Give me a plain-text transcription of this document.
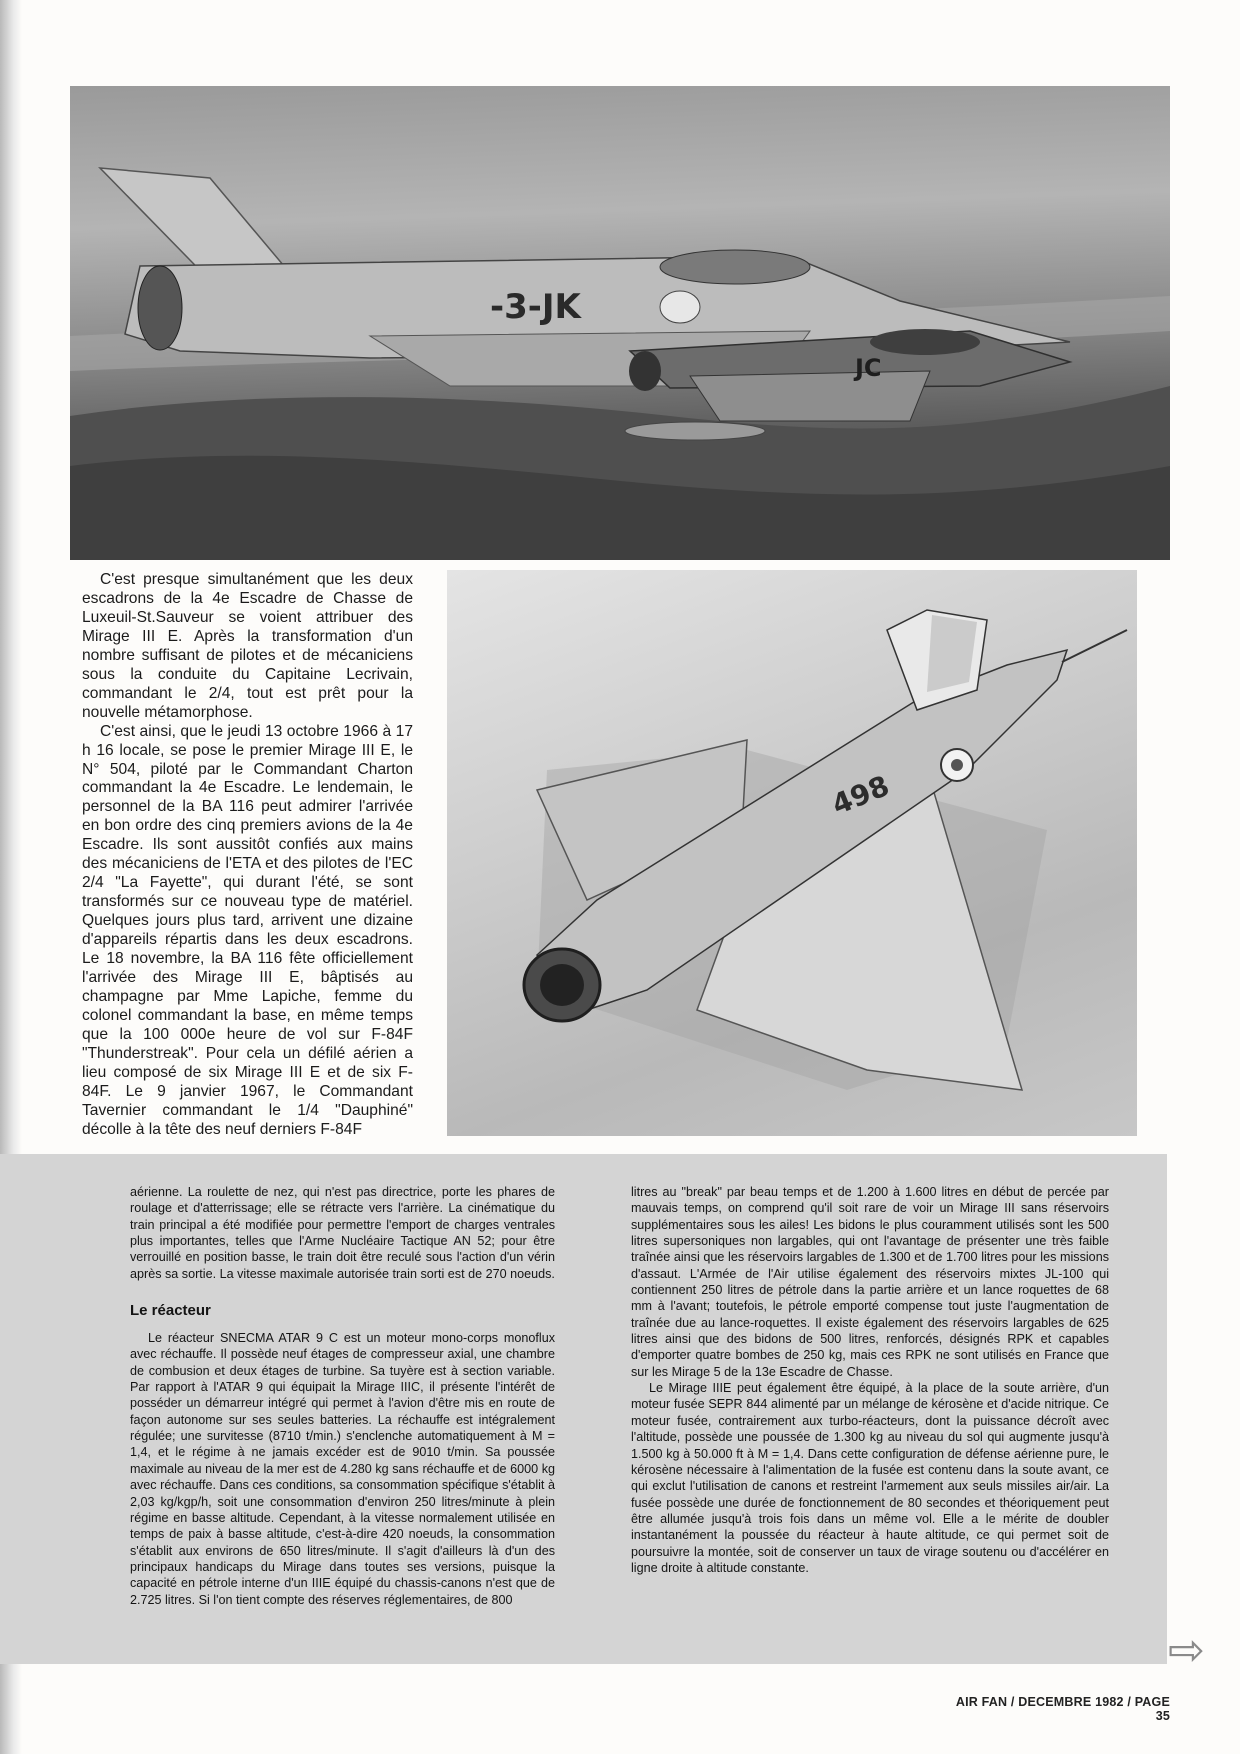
-3-JK
JC

C'est presque simultanément que les deux escadrons de la 4e Escadre de Chasse de Luxeuil-St.Sauveur se voient attribuer des Mirage III E. Après la transformation d'un nombre suffisant de pilotes et de mécaniciens sous la conduite du Capitaine Lecrivain, commandant le 2/4, tout est prêt pour la nouvelle métamorphose.

C'est ainsi, que le jeudi 13 octobre 1966 à 17 h 16 locale, se pose le premier Mirage III E, le N° 504, piloté par le Commandant Charton commandant la 4e Escadre. Le lendemain, le personnel de la BA 116 peut admirer l'arrivée en bon ordre des cinq premiers avions de la 4e Escadre. Ils sont aussitôt confiés aux mains des mécaniciens de l'ETA et des pilotes de l'EC 2/4 "La Fayette", qui durant l'été, se sont transformés sur ce nouveau type de matériel. Quelques jours plus tard, arrivent une dizaine d'appareils répartis dans les deux escadrons. Le 18 novembre, la BA 116 fête officiellement l'arrivée des Mirage III E, bâptisés au champagne par Mme Lapiche, femme du colonel commandant la base, en même temps que la 100 000e heure de vol sur F-84F "Thunderstreak". Pour cela un défilé aérien a lieu composé de six Mirage III E et de six F-84F. Le 9 janvier 1967, le Commandant Tavernier commandant le 1/4 "Dauphiné" décolle à la tête des neuf derniers F-84F

498

aérienne. La roulette de nez, qui n'est pas directrice, porte les phares de roulage et d'atterrissage; elle se rétracte vers l'arrière. La cinématique du train principal a été modifiée pour permettre l'emport de charges ventrales plus importantes, telles que l'Arme Nucléaire Tactique AN 52; pour être verrouillé en position basse, le train doit être reculé sous l'action d'un vérin après sa sortie. La vitesse maximale autorisée train sorti est de 270 noeuds.

Le réacteur

Le réacteur SNECMA ATAR 9 C est un moteur mono-corps monoflux avec réchauffe. Il possède neuf étages de compresseur axial, une chambre de combusion et deux étages de turbine. Sa tuyère est à section variable. Par rapport à l'ATAR 9 qui équipait la Mirage IIIC, il présente l'intérêt de posséder un démarreur intégré qui permet à l'avion d'être mis en route de façon autonome sur ses seules batteries. La réchauffe est intégralement régulée; une survitesse (8710 t/min.) s'enclenche automatiquement à M = 1,4, et le régime à ne jamais excéder est de 9010 t/min. Sa poussée maximale au niveau de la mer est de 4.280 kg sans réchauffe et de 6000 kg avec réchauffe. Dans ces conditions, sa consommation spécifique s'établit à 2,03 kg/kgp/h, soit une consommation d'environ 250 litres/minute à plein régime en basse altitude. Cependant, à la vitesse normalement utilisée en temps de paix à basse altitude, c'est-à-dire 420 noeuds, la consommation s'établit aux environs de 650 litres/minute. Il s'agit d'ailleurs là d'un des principaux handicaps du Mirage dans toutes ses versions, puisque la capacité en pétrole interne d'un IIIE équipé du chassis-canons n'est que de 2.725 litres. Si l'on tient compte des réserves réglementaires, de 800

litres au "break" par beau temps et de 1.200 à 1.600 litres en début de percée par mauvais temps, on comprend qu'il soit rare de voir un Mirage III sans réservoirs supplémentaires sous les ailes! Les bidons le plus couramment utilisés sont les 500 litres supersoniques non largables, qui ont l'avantage de présenter une très faible traînée ainsi que les réservoirs largables de 1.300 et de 1.700 litres pour les missions d'assaut. L'Armée de l'Air utilise également des réservoirs mixtes JL-100 qui contiennent 250 litres de pétrole dans la partie arrière et un lance roquettes de 68 mm à l'avant; toutefois, le pétrole emporté compense tout juste l'augmentation de traînée due au lance-roquettes. Il existe également des réservoirs largables de 625 litres ainsi que des bidons de 500 litres, renforcés, désignés RPK et capables d'emporter quatre bombes de 250 kg, mais ces RPK ne sont utilisés en France que sur les Mirage 5 de la 13e Escadre de Chasse.

Le Mirage IIIE peut également être équipé, à la place de la soute arrière, d'un moteur fusée SEPR 844 alimenté par un mélange de kérosène et d'acide nitrique. Ce moteur fusée, contrairement aux turbo-réacteurs, dont la puissance décroît avec l'altitude, possède une poussée de 1.300 kg au niveau du sol qui augmente jusqu'à 1.500 kg à 50.000 ft à M = 1,4. Dans cette configuration de défense aérienne pure, le kérosène nécessaire à l'alimentation de la fusée est contenu dans la soute avant, ce qui exclut l'utilisation de canons et restreint l'armement aux seuls missiles air/air. La fusée possède une durée de fonctionnement de 80 secondes et théoriquement peut être allumée jusqu'à trois fois dans un même vol. Elle a le mérite de doubler instantanément la poussée du réacteur à haute altitude, ce qui permet soit de poursuivre la montée, soit de conserver un taux de virage soutenu ou d'accélérer en ligne droite à altitude constante.

⇨
AIR FAN / DECEMBRE 1982 / PAGE 35
